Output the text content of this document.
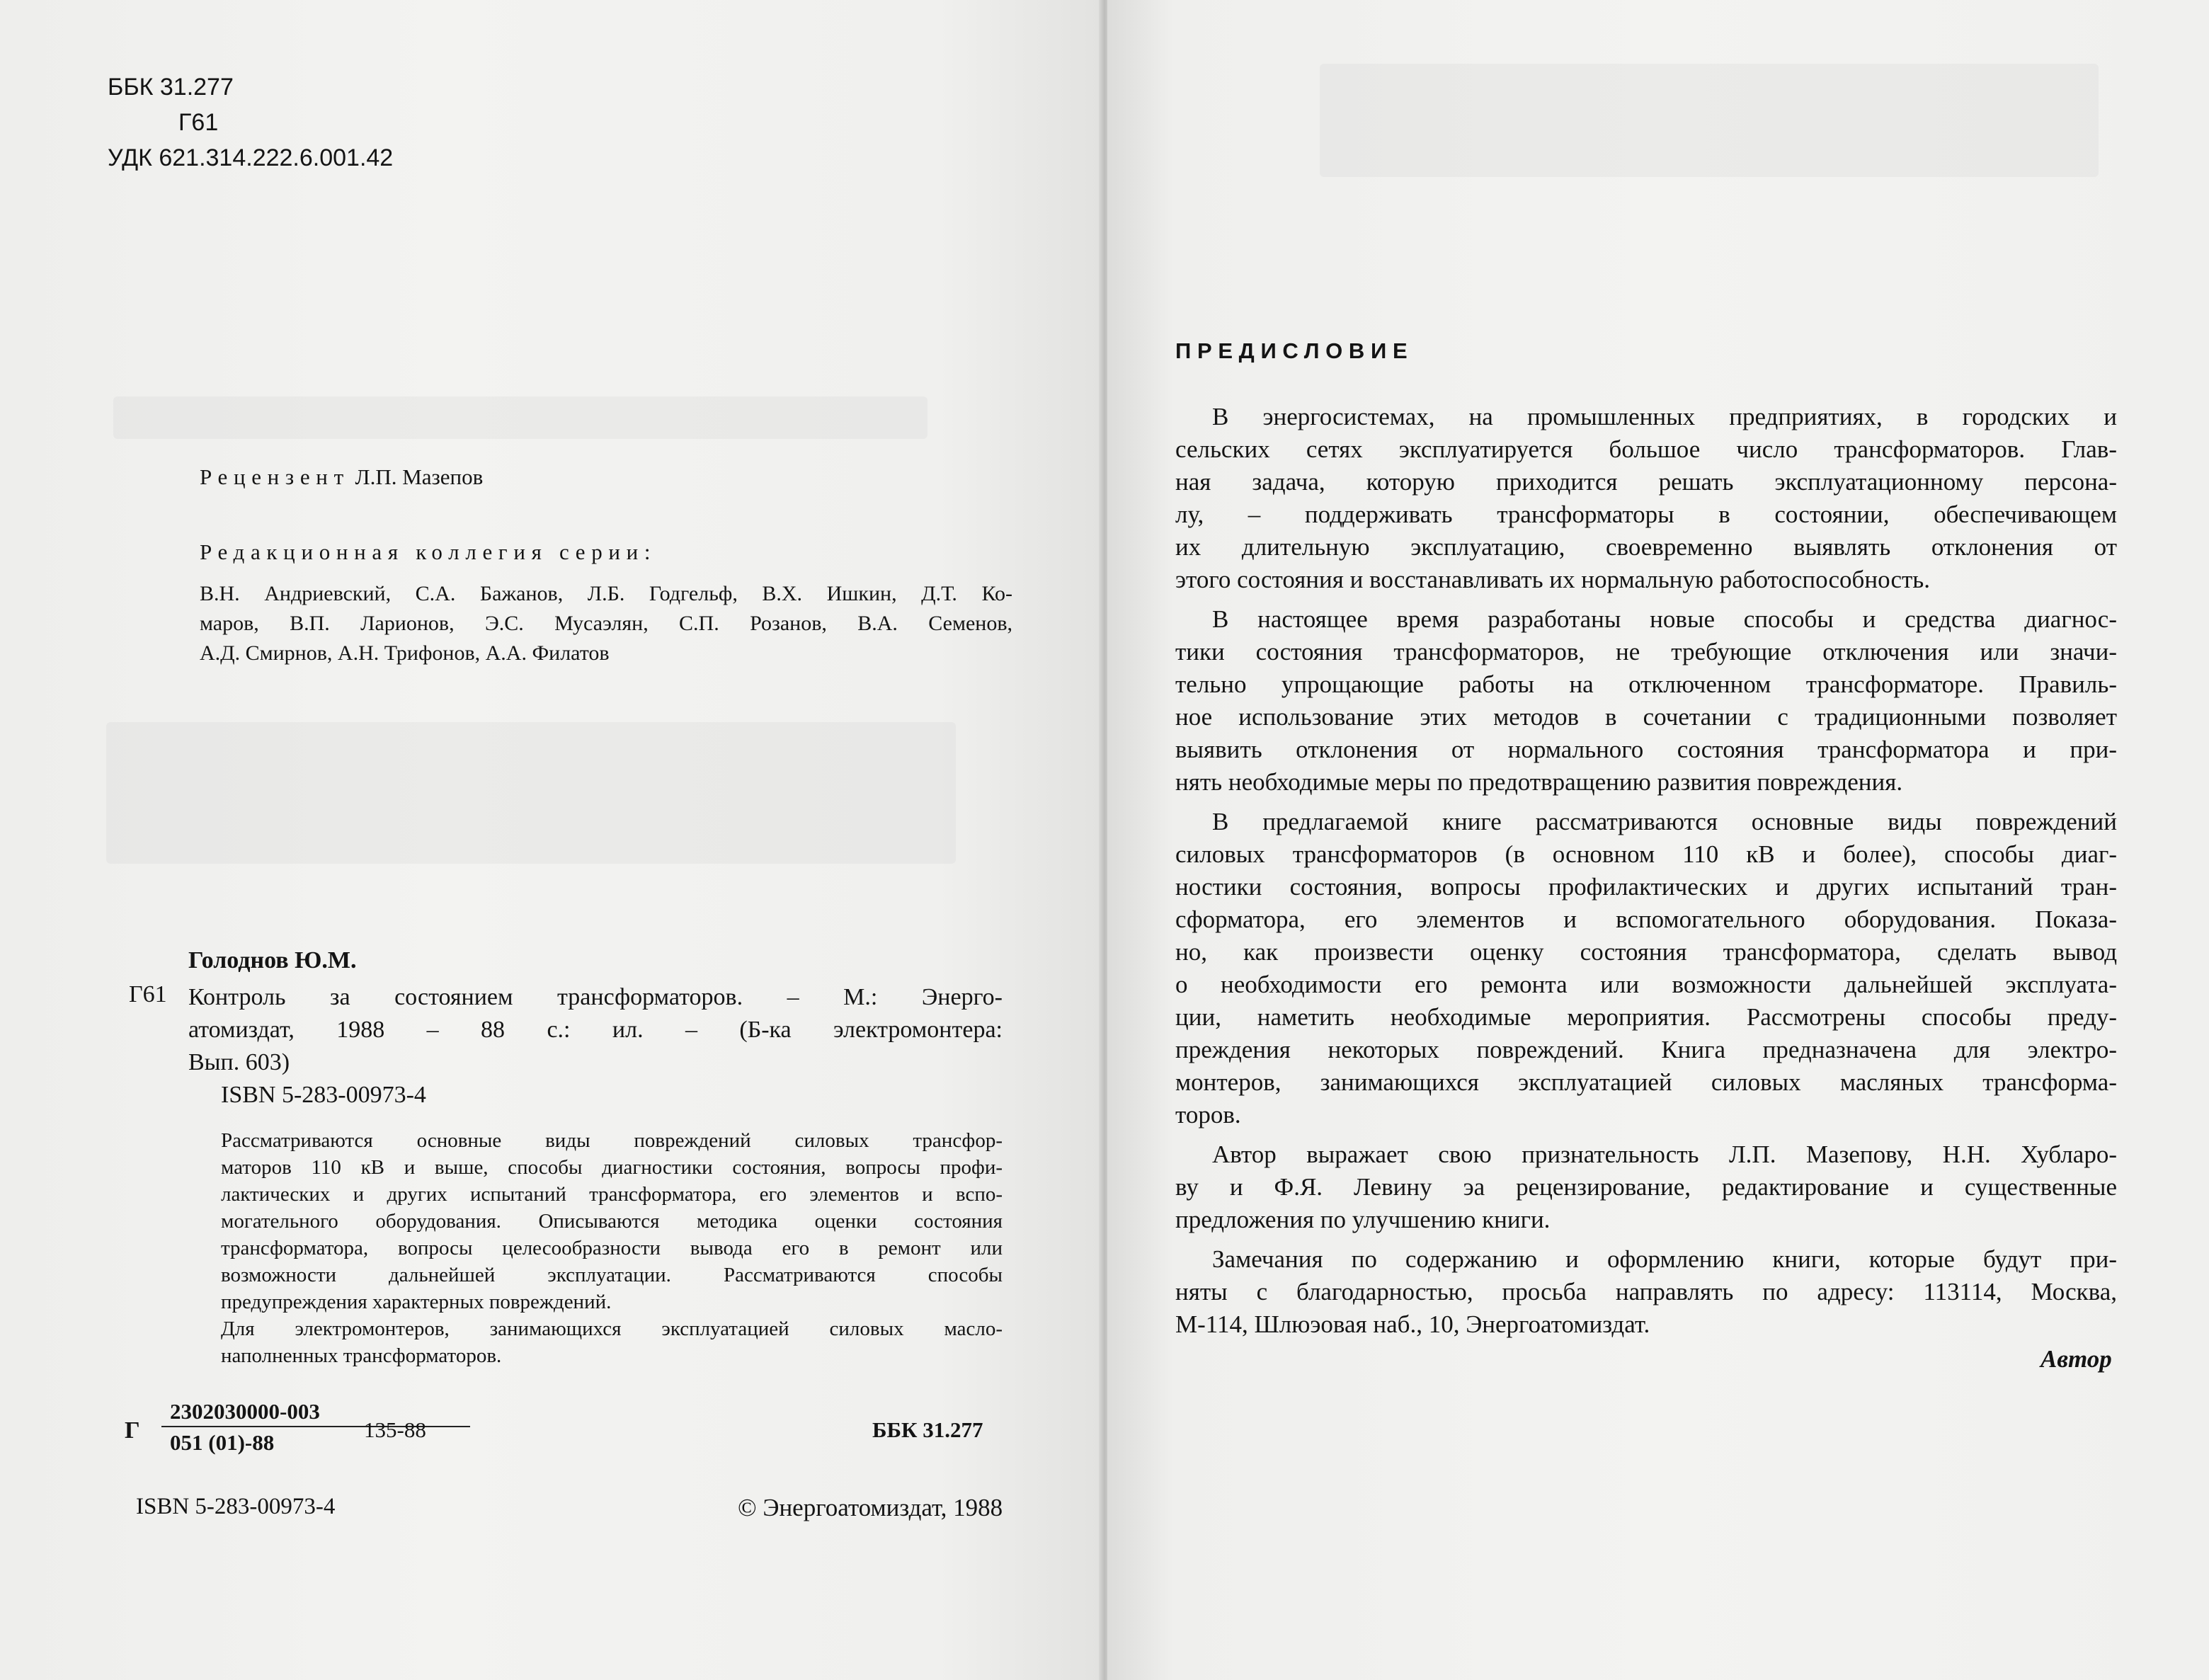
ББК 31.277
Г61
УДК 621.314.222.6.001.42
Рецензент Л.П. Мазепов
Редакционная коллегия серии:
В.Н. Андриевский, С.А. Бажанов, Л.Б. Годгельф, В.Х. Ишкин, Д.Т. Ко-
маров, В.П. Ларионов, Э.С. Мусаэлян, С.П. Розанов, В.А. Семенов,
А.Д. Смирнов, А.Н. Трифонов, А.А. Филатов
Голоднов Ю.М.
Г61 Контроль за состоянием трансформаторов. – М.: Энерго-
атомиздат, 1988 – 88 с.: ил. – (Б-ка электромонтера:
Вып. 603)
ISBN 5-283-00973-4
Рассматриваются основные виды повреждений силовых трансфор-
маторов 110 кВ и выше, способы диагностики состояния, вопросы профи-
лактических и других испытаний трансформатора, его элементов и вспо-
могательного оборудования. Описываются методика оценки состояния
трансформатора, вопросы целесообразности вывода его в ремонт или
возможности дальнейшей эксплуатации. Рассматриваются способы
предупреждения характерных повреждений.
Для электромонтеров, занимающихся эксплуатацией силовых масло-
наполненных трансформаторов.
Г $\frac{2302030000-003}{051 (01)-88}$
135-88	ББК 31.277
ISBN 5-283-00973-4	© Энергоатомиздат, 1988
ПРЕДИСЛОВИЕ
В энергосистемах, на промышленных предприятиях, в городских и
сельских сетях эксплуатируется большое число трансформаторов. Глав-
ная задача, которую приходится решать эксплуатационному персона-
лу, – поддерживать трансформаторы в состоянии, обеспечивающем
их длительную эксплуатацию, своевременно выявлять отклонения от
этого состояния и восстанавливать их нормальную работоспособность.
В настоящее время разработаны новые способы и средства диагнос-
тики состояния трансформаторов, не требующие отключения или значи-
тельно упрощающие работы на отключенном трансформаторе. Правиль-
ное использование этих методов в сочетании с традиционными позволяет
выявить отклонения от нормального состояния трансформатора и при-
нять необходимые меры по предотвращению развития повреждения.
В предлагаемой книге рассматриваются основные виды повреждений
силовых трансформаторов (в основном 110 кВ и более), способы диаг-
ностики состояния, вопросы профилактических и других испытаний тран-
сформатора, его элементов и вспомогательного оборудования. Показа-
но, как произвести оценку состояния трансформатора, сделать вывод
о необходимости его ремонта или возможности дальнейшей эксплуата-
ции, наметить необходимые мероприятия. Рассмотрены способы преду-
преждения некоторых повреждений. Книга предназначена для электро-
монтеров, занимающихся эксплуатацией силовых масляных трансформа-
торов.
Автор выражает свою признательность Л.П. Мазепову, Н.Н. Хубларо-
ву и Ф.Я. Левину эа рецензирование, редактирование и существенные
предложения по улучшению книги.
Замечания по содержанию и оформлению книги, которые будут при-
няты с благодарностью, просьба направлять по адресу: 113114, Москва,
М-114, Шлюэовая наб., 10, Энергоатомиздат.
Автор
